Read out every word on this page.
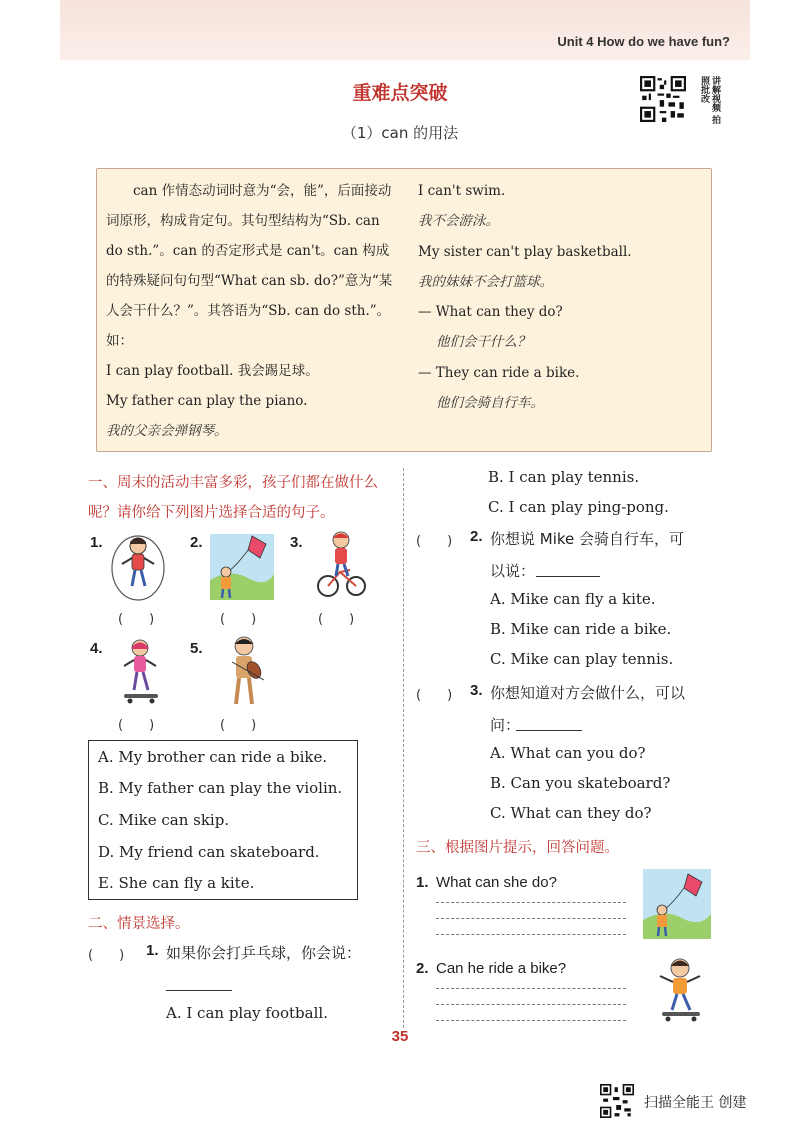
Unit 4 How do we have fun?
重难点突破
（1）can 的用法
讲解视频 拍照批改

　　can 作情态动词时意为“会，能”，后面接动词原形，构成肯定句。其句型结构为“Sb. can do sth.”。can 的否定形式是 can't。can 构成的特殊疑问句句型“What can sb. do?”意为“某人会干什么？”。其答语为“Sb. can do sth.”。如：

I can play football. 我会踢足球。

My father can play the piano.

我的父亲会弹钢琴。

I can't swim.

我不会游泳。

My sister can't play basketball.

我的妹妹不会打篮球。

— What can they do?

他们会干什么？

— They can ride a bike.

他们会骑自行车。

一、周末的活动丰富多彩，孩子们都在做什么呢？请你给下列图片选择合适的句子。
1.	2.	3.
4.	5.
(　　)	(　　)	(　　)
(　　)	(　　)
A. My brother can ride a bike.
B. My father can play the violin.
C. Mike can skip.
D. My friend can skateboard.
E. She can fly a kite.
二、情景选择。
(　　) 1. 如果你会打乒乓球，你会说：
A. I can play football.
B. I can play tennis.
C. I can play ping-pong.
(　　) 2. 你想说 Mike 会骑自行车，可
以说：
A. Mike can fly a kite.
B. Mike can ride a bike.
C. Mike can play tennis.
(　　) 3. 你想知道对方会做什么，可以
问：
A. What can you do?
B. Can you skateboard?
C. What can they do?
三、根据图片提示，回答问题。
1. What can she do?
2. Can he ride a bike?
35
扫描全能王 创建
